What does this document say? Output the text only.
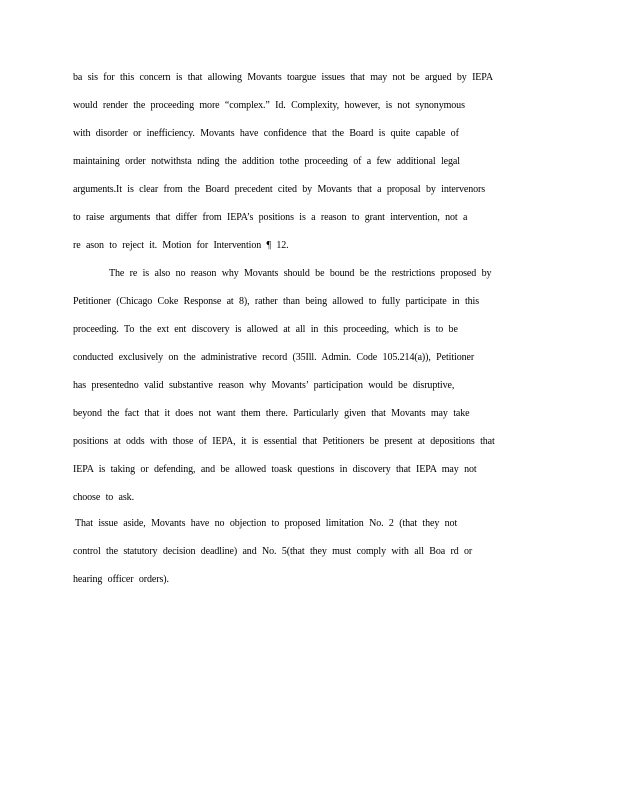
ba sis for this concern is that allowing Movants toargue issues that may not be argued by IEPA
would render the proceeding more “complex.” Id. Complexity, however, is not synonymous
with disorder or inefficiency. Movants have confidence that the Board is quite capable of
maintaining order notwithsta nding the addition tothe proceeding of a few additional legal
arguments.It is clear from the Board precedent cited by Movants that a proposal by intervenors
to raise arguments that differ from IEPA’s positions is a reason to grant intervention, not a
re ason to reject it. Motion for Intervention ¶ 12.
The re is also no reason why Movants should be bound be the restrictions proposed by
Petitioner (Chicago Coke Response at 8), rather than being allowed to fully participate in this
proceeding. To the ext ent discovery is allowed at all in this proceeding, which is to be
conducted exclusively on the administrative record (35Ill. Admin. Code 105.214(a)), Petitioner
has presentedno valid substantive reason why Movants’ participation would be disruptive,
beyond the fact that it does not want them there. Particularly given that Movants may take
positions at odds with those of IEPA, it is essential that Petitioners be present at depositions that
IEPA is taking or defending, and be allowed toask questions in discovery that IEPA may not
choose to ask.
That issue aside, Movants have no objection to proposed limitation No. 2 (that they not
control the statutory decision deadline) and No. 5(that they must comply with all Boa rd or
hearing officer orders).
